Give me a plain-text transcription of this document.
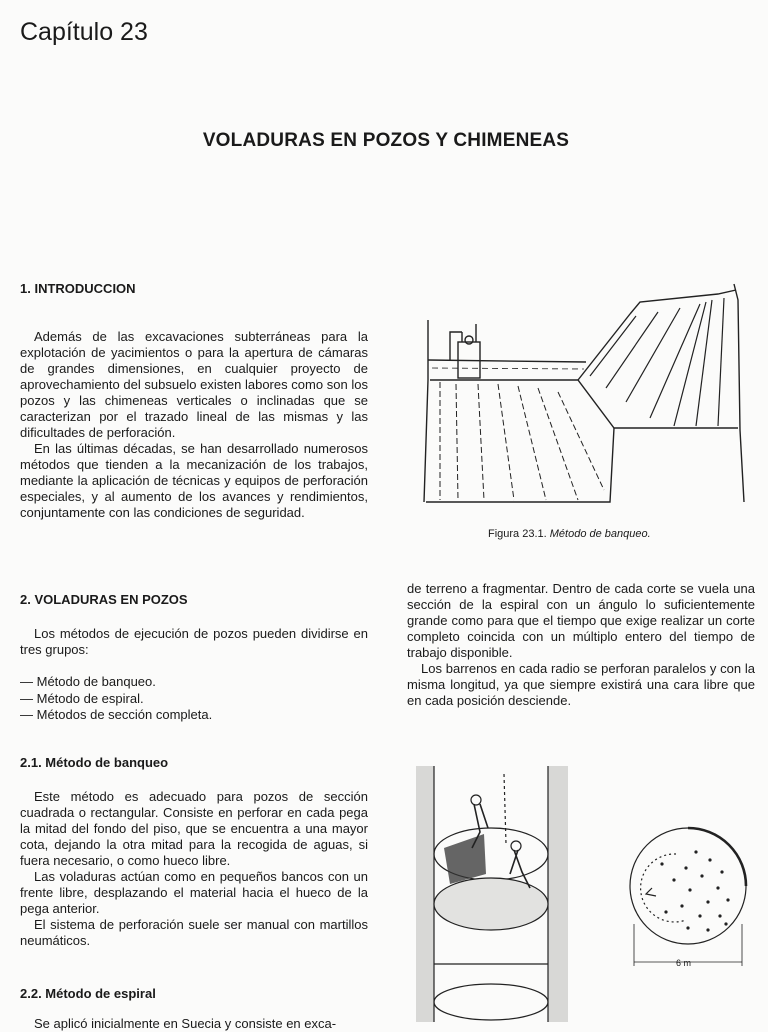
Capítulo 23
VOLADURAS EN POZOS Y CHIMENEAS
1. INTRODUCCION

Además de las excavaciones subterráneas para la explotación de yacimientos o para la apertura de cámaras de grandes dimensiones, en cualquier proyecto de aprovechamiento del subsuelo existen labores como son los pozos y las chimeneas verticales o inclinadas que se caracterizan por el trazado lineal de las mismas y las dificultades de perforación.

En las últimas décadas, se han desarrollado numerosos métodos que tienden a la mecanización de los trabajos, mediante la aplicación de técnicas y equipos de perforación especiales, y al aumento de los avances y rendimientos, conjuntamente con las condiciones de seguridad.

2. VOLADURAS EN POZOS

Los métodos de ejecución de pozos pueden dividirse en tres grupos:

— Método de banqueo.
— Método de espiral.
— Métodos de sección completa.
2.1. Método de banqueo

Este método es adecuado para pozos de sección cuadrada o rectangular. Consiste en perforar en cada pega la mitad del fondo del piso, que se encuentra a una mayor cota, dejando la otra mitad para la recogida de aguas, si fuera necesario, o como hueco libre.

Las voladuras actúan como en pequeños bancos con un frente libre, desplazando el material hacia el hueco de la pega anterior.

El sistema de perforación suele ser manual con martillos neumáticos.

2.2. Método de espiral
Se aplicó inicialmente en Suecia y consiste en exca-

de terreno a fragmentar. Dentro de cada corte se vuela una sección de la espiral con un ángulo lo suficientemente grande como para que el tiempo que exige realizar un corte completo coincida con un múltiplo entero del tiempo de trabajo disponible.

Los barrenos en cada radio se perforan paralelos y con la misma longitud, ya que siempre existirá una cara libre que en cada posición desciende.

Figura 23.1. Método de banqueo.
6 m
